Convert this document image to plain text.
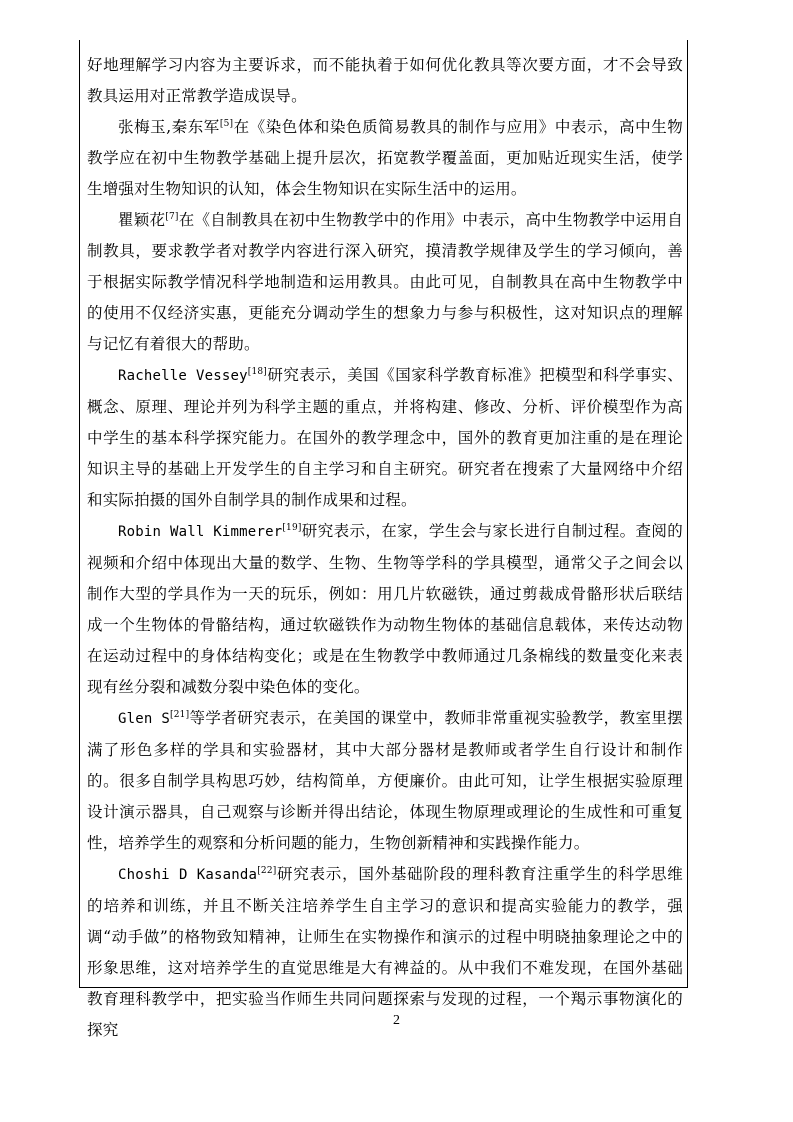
好地理解学习内容为主要诉求，而不能执着于如何优化教具等次要方面，才不会导致教具运用对正常教学造成误导。

张梅玉,秦东军[5]在《染色体和染色质简易教具的制作与应用》中表示，高中生物教学应在初中生物教学基础上提升层次，拓宽教学覆盖面，更加贴近现实生活，使学生增强对生物知识的认知，体会生物知识在实际生活中的运用。

瞿颖花[7]在《自制教具在初中生物教学中的作用》中表示，高中生物教学中运用自制教具，要求教学者对教学内容进行深入研究，摸清教学规律及学生的学习倾向，善于根据实际教学情况科学地制造和运用教具。由此可见，自制教具在高中生物教学中的使用不仅经济实惠，更能充分调动学生的想象力与参与积极性，这对知识点的理解与记忆有着很大的帮助。

Rachelle Vessey[18]研究表示，美国《国家科学教育标准》把模型和科学事实、概念、原理、理论并列为科学主题的重点，并将构建、修改、分析、评价模型作为高中学生的基本科学探究能力。在国外的教学理念中，国外的教育更加注重的是在理论知识主导的基础上开发学生的自主学习和自主研究。研究者在搜索了大量网络中介绍和实际拍摄的国外自制学具的制作成果和过程。

Robin Wall Kimmerer[19]研究表示，在家，学生会与家长进行自制过程。查阅的视频和介绍中体现出大量的数学、生物、生物等学科的学具模型，通常父子之间会以制作大型的学具作为一天的玩乐，例如：用几片软磁铁，通过剪裁成骨骼形状后联结成一个生物体的骨骼结构，通过软磁铁作为动物生物体的基础信息载体，来传达动物在运动过程中的身体结构变化；或是在生物教学中教师通过几条棉线的数量变化来表现有丝分裂和减数分裂中染色体的变化。

Glen S[21]等学者研究表示，在美国的课堂中，教师非常重视实验教学，教室里摆满了形色多样的学具和实验器材，其中大部分器材是教师或者学生自行设计和制作的。很多自制学具构思巧妙，结构简单，方便廉价。由此可知，让学生根据实验原理设计演示器具，自己观察与诊断并得出结论，体现生物原理或理论的生成性和可重复性，培养学生的观察和分析问题的能力，生物创新精神和实践操作能力。

Choshi D Kasanda[22]研究表示，国外基础阶段的理科教育注重学生的科学思维的培养和训练，并且不断关注培养学生自主学习的意识和提高实验能力的教学，强调“动手做”的格物致知精神，让师生在实物操作和演示的过程中明晓抽象理论之中的形象思维，这对培养学生的直觉思维是大有裨益的。从中我们不难发现，在国外基础教育理科教学中，把实验当作师生共同问题探索与发现的过程，一个羯示事物演化的探究

2
